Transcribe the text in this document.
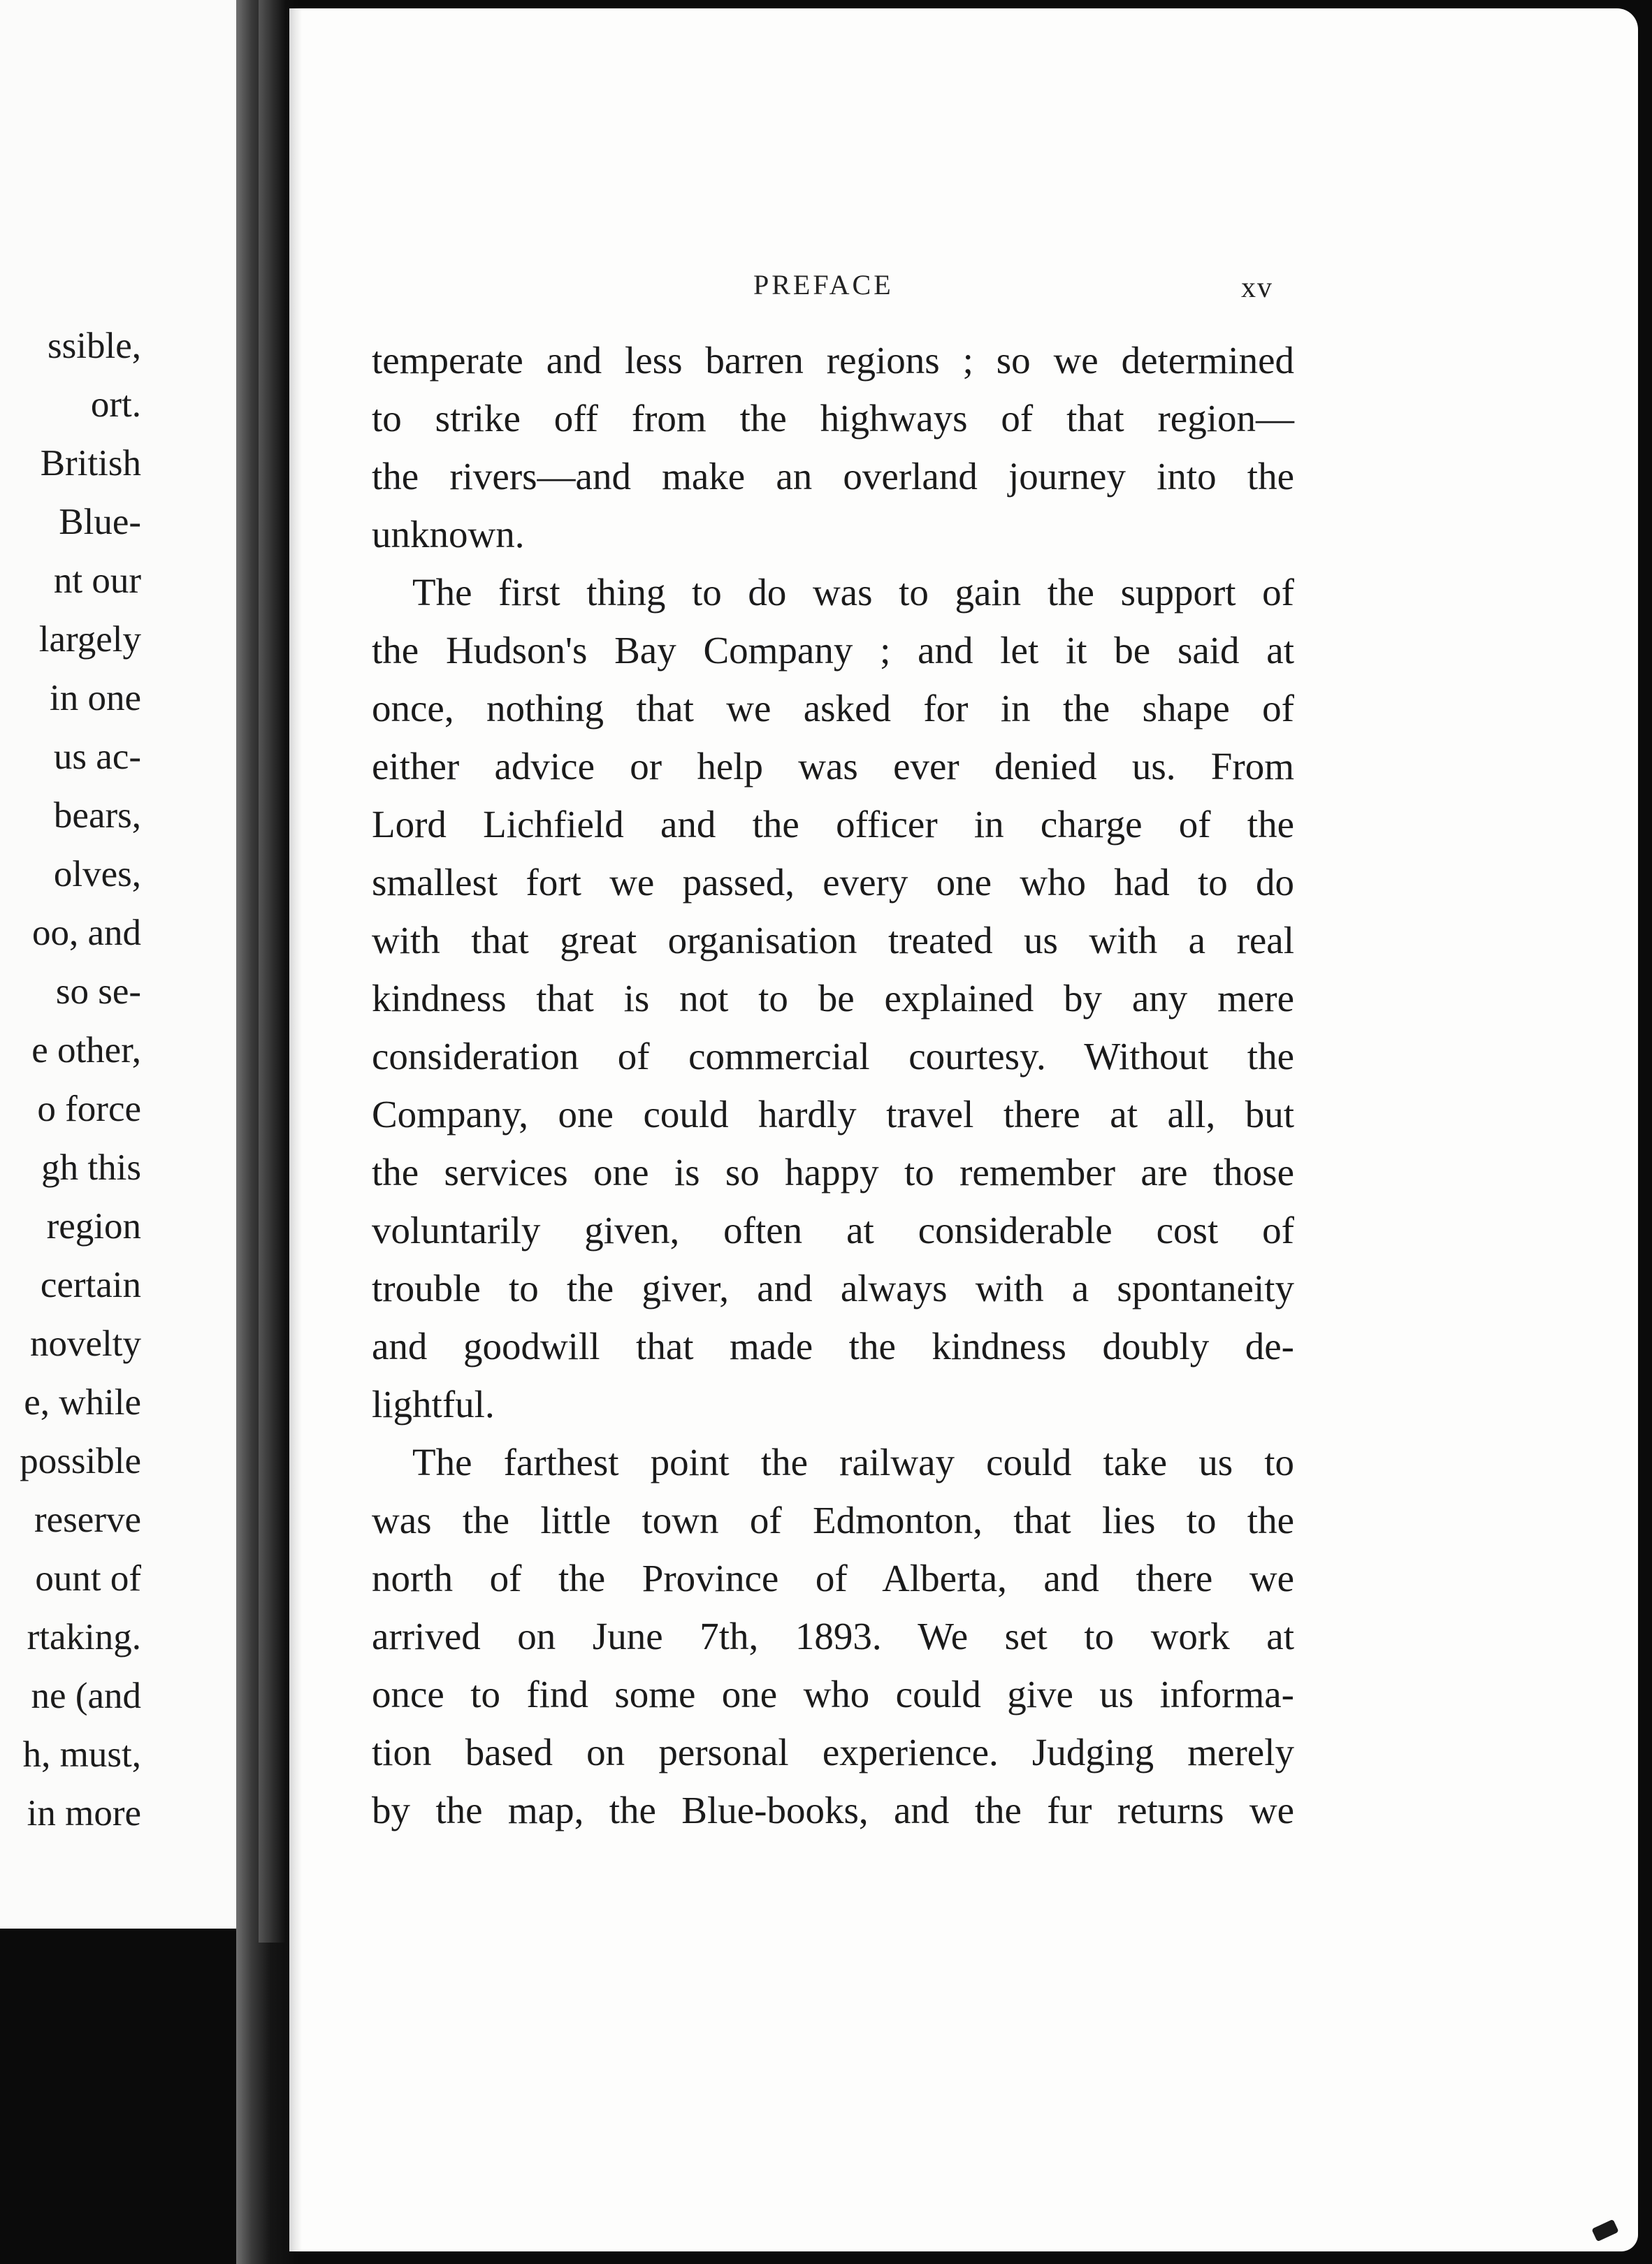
ssible,
ort.
British
Blue-
nt our
largely
in one
us ac-
bears,
olves,
oo, and
so se-
e other,
o force
gh this
region
certain
novelty
e, while
possible
reserve
ount of
rtaking.
ne (and
h, must,
in more
PREFACE	xv

temperate and less barren regions ; so we determined
to strike off from the highways of that region—
the rivers—and make an overland journey into the
unknown.

The first thing to do was to gain the support of
the Hudson's Bay Company ; and let it be said at
once, nothing that we asked for in the shape of
either advice or help was ever denied us. From
Lord Lichfield and the officer in charge of the
smallest fort we passed, every one who had to do
with that great organisation treated us with a real
kindness that is not to be explained by any mere
consideration of commercial courtesy. Without the
Company, one could hardly travel there at all, but
the services one is so happy to remember are those
voluntarily given, often at considerable cost of
trouble to the giver, and always with a spontaneity
and goodwill that made the kindness doubly de-
lightful.

The farthest point the railway could take us to
was the little town of Edmonton, that lies to the
north of the Province of Alberta, and there we
arrived on June 7th, 1893. We set to work at
once to find some one who could give us informa-
tion based on personal experience. Judging merely
by the map, the Blue-books, and the fur returns we
